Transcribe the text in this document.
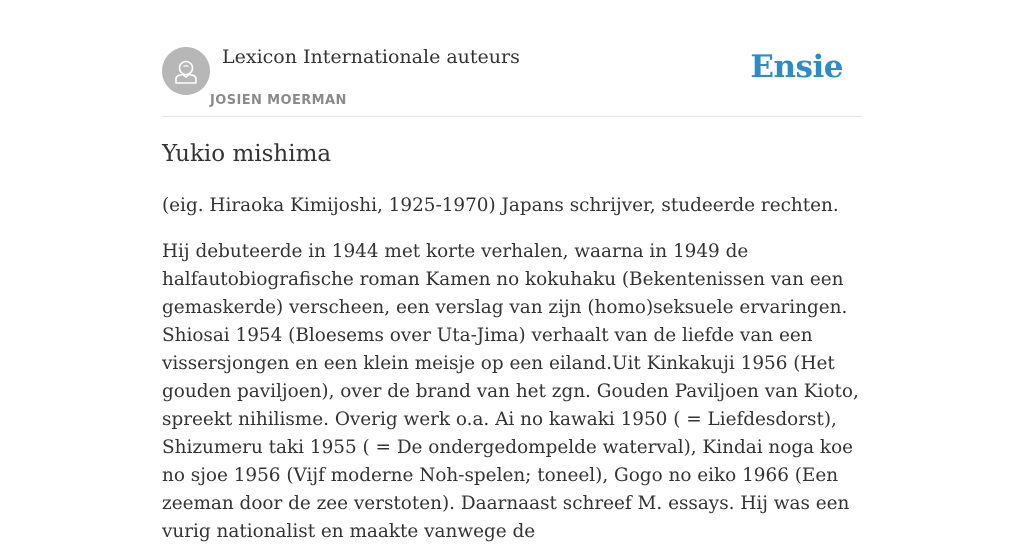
Lexicon Internationale auteurs
JOSIEN MOERMAN
Ensie
Yukio mishima

(eig. Hiraoka Kimijoshi, 1925-1970) Japans schrijver, studeerde rechten.

Hij debuteerde in 1944 met korte verhalen, waarna in 1949 de halfautobiografische roman Kamen no kokuhaku (Bekentenissen van een gemaskerde) verscheen, een verslag van zijn (homo)seksuele ervaringen. Shiosai 1954 (Bloesems over Uta-Jima) verhaalt van de liefde van een vissersjongen en een klein meisje op een eiland.Uit Kinkakuji 1956 (Het gouden paviljoen), over de brand van het zgn. Gouden Paviljoen van Kioto, spreekt nihilisme. Overig werk o.a. Ai no kawaki 1950 ( = Liefdesdorst), Shizumeru taki 1955 ( = De ondergedompelde waterval), Kindai noga koe no sjoe 1956 (Vijf moderne Noh-spelen; toneel), Gogo no eiko 1966 (Een zeeman door de zee verstoten). Daarnaast schreef M. essays. Hij was een vurig nationalist en maakte vanwege de
